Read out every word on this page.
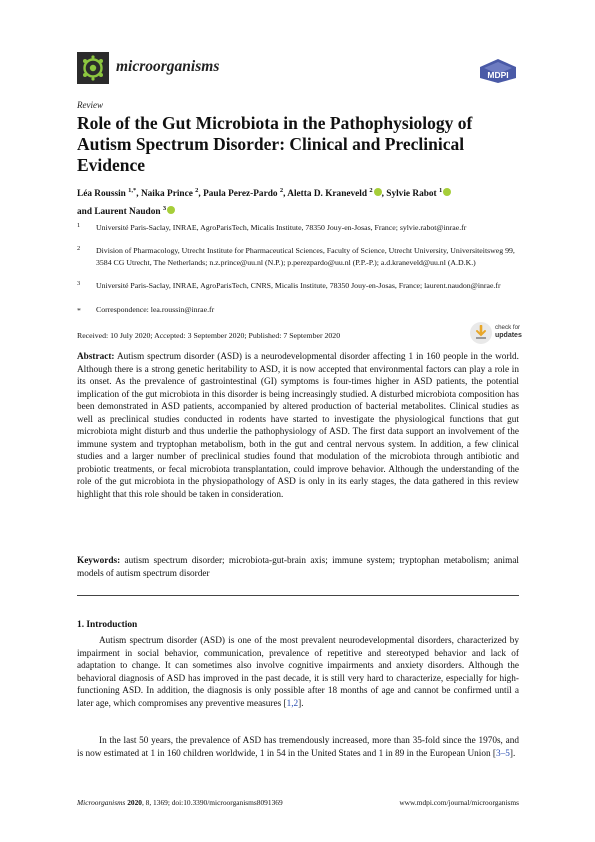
microorganisms	MDPI
Review
Role of the Gut Microbiota in the Pathophysiology of Autism Spectrum Disorder: Clinical and Preclinical Evidence
Léa Roussin $^{1,*}$, Naika Prince $^2$, Paula Perez-Pardo $^2$, Aletta D. Kraneveld $^2$ , Sylvie Rabot $^1$
and Laurent Naudon $^3$
1 Université Paris-Saclay, INRAE, AgroParisTech, Micalis Institute, 78350 Jouy-en-Josas, France; sylvie.rabot@inrae.fr
2 Division of Pharmacology, Utrecht Institute for Pharmaceutical Sciences, Faculty of Science, Utrecht University, Universiteitsweg 99, 3584 CG Utrecht, The Netherlands; n.z.prince@uu.nl (N.P.); p.perezpardo@uu.nl (P.P.-P.); a.d.kraneveld@uu.nl (A.D.K.)
3 Université Paris-Saclay, INRAE, AgroParisTech, CNRS, Micalis Institute, 78350 Jouy-en-Josas, France; laurent.naudon@inrae.fr
* Correspondence: lea.roussin@inrae.fr
Received: 10 July 2020; Accepted: 3 September 2020; Published: 7 September 2020
check for
updates
Abstract: Autism spectrum disorder (ASD) is a neurodevelopmental disorder affecting 1 in 160 people in the world. Although there is a strong genetic heritability to ASD, it is now accepted that environmental factors can play a role in its onset. As the prevalence of gastrointestinal (GI) symptoms is four-times higher in ASD patients, the potential implication of the gut microbiota in this disorder is being increasingly studied. A disturbed microbiota composition has been demonstrated in ASD patients, accompanied by altered production of bacterial metabolites. Clinical studies as well as preclinical studies conducted in rodents have started to investigate the physiological functions that gut microbiota might disturb and thus underlie the pathophysiology of ASD. The first data support an involvement of the immune system and tryptophan metabolism, both in the gut and central nervous system. In addition, a few clinical studies and a larger number of preclinical studies found that modulation of the microbiota through antibiotic and probiotic treatments, or fecal microbiota transplantation, could improve behavior. Although the understanding of the role of the gut microbiota in the physiopathology of ASD is only in its early stages, the data gathered in this review highlight that this role should be taken in consideration.
Keywords: autism spectrum disorder; microbiota-gut-brain axis; immune system; tryptophan metabolism; animal models of autism spectrum disorder
1. Introduction

Autism spectrum disorder (ASD) is one of the most prevalent neurodevelopmental disorders, characterized by impairment in social behavior, communication, prevalence of repetitive and stereotyped behavior and lack of adaptation to change. It can sometimes also involve cognitive impairments and anxiety disorders. Although the behavioral diagnosis of ASD has improved in the past decade, it is still very hard to characterize, especially for high-functioning ASD. In addition, the diagnosis is only possible after 18 months of age and cannot be confirmed until a later age, which compromises any preventive measures [1,2].

In the last 50 years, the prevalence of ASD has tremendously increased, more than 35-fold since the 1970s, and is now estimated at 1 in 160 children worldwide, 1 in 54 in the United States and 1 in 89 in the European Union [3–5].

Microorganisms 2020, 8, 1369; doi:10.3390/microorganisms8091369	www.mdpi.com/journal/microorganisms
